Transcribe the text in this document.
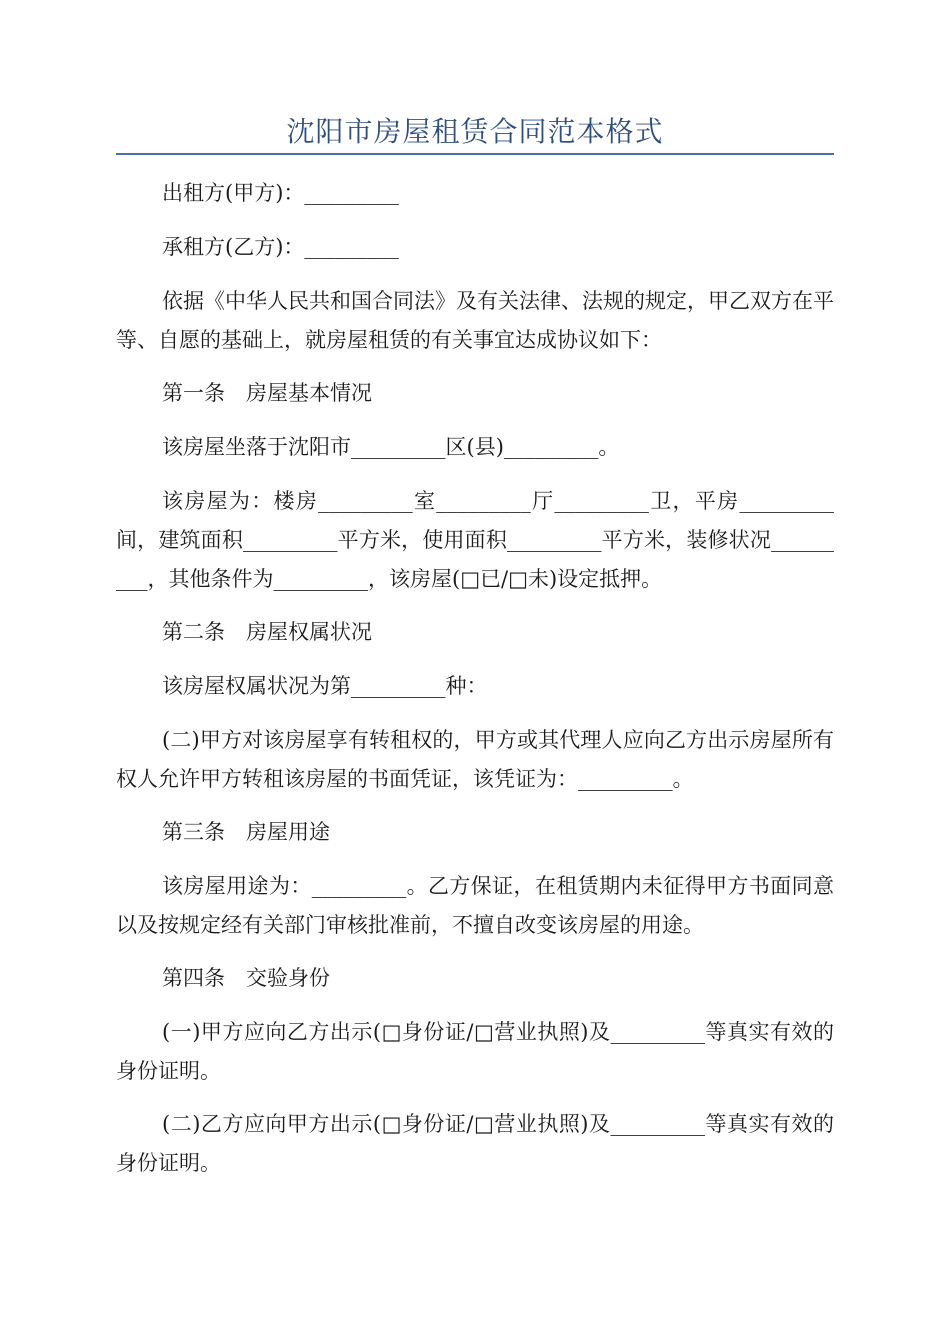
沈阳市房屋租赁合同范本格式

出租方(甲方)：_________

承租方(乙方)：_________

依据《中华人民共和国合同法》及有关法律、法规的规定，甲乙双方在平等、自愿的基础上，就房屋租赁的有关事宜达成协议如下：

第一条　房屋基本情况

该房屋坐落于沈阳市_________区(县)_________。

该房屋为：楼房_________室_________厅_________卫，平房_________间，建筑面积_________平方米，使用面积_________平方米，装修状况_________，其他条件为_________，该房屋(□已/□未)设定抵押。

第二条　房屋权属状况

该房屋权属状况为第_________种：

(二)甲方对该房屋享有转租权的，甲方或其代理人应向乙方出示房屋所有权人允许甲方转租该房屋的书面凭证，该凭证为：_________。

第三条　房屋用途

该房屋用途为：_________。乙方保证，在租赁期内未征得甲方书面同意以及按规定经有关部门审核批准前，不擅自改变该房屋的用途。

第四条　交验身份

(一)甲方应向乙方出示(□身份证/□营业执照)及_________等真实有效的身份证明。

(二)乙方应向甲方出示(□身份证/□营业执照)及_________等真实有效的身份证明。
